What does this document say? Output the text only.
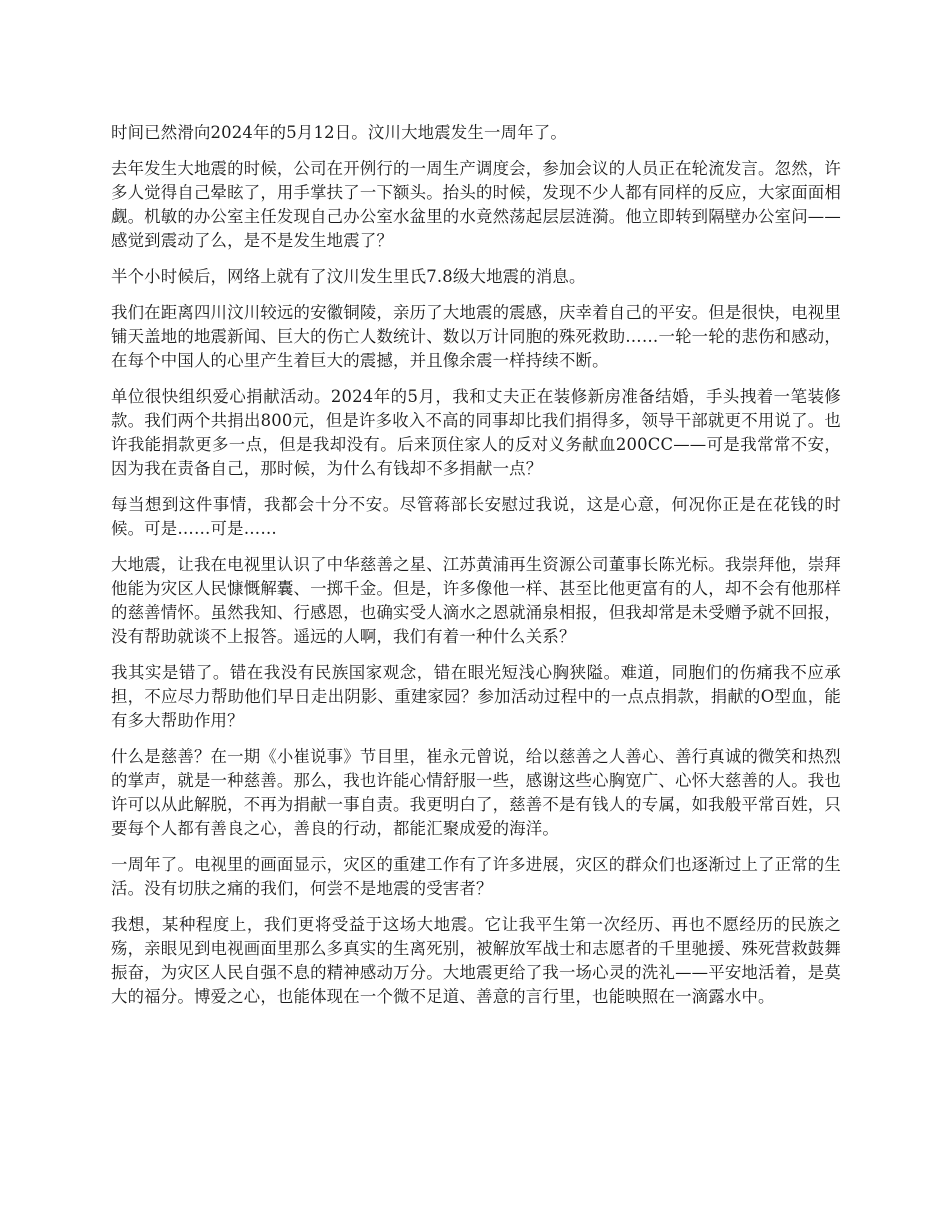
时间已然滑向2024年的5月12日。汶川大地震发生一周年了。

去年发生大地震的时候，公司在开例行的一周生产调度会，参加会议的人员正在轮流发言。忽然，许多人觉得自己晕眩了，用手掌扶了一下额头。抬头的时候，发现不少人都有同样的反应，大家面面相觑。机敏的办公室主任发现自己办公室水盆里的水竟然荡起层层涟漪。他立即转到隔壁办公室问——感觉到震动了么，是不是发生地震了？

半个小时候后，网络上就有了汶川发生里氏7.8级大地震的消息。

我们在距离四川汶川较远的安徽铜陵，亲历了大地震的震感，庆幸着自己的平安。但是很快，电视里铺天盖地的地震新闻、巨大的伤亡人数统计、数以万计同胞的殊死救助……一轮一轮的悲伤和感动，在每个中国人的心里产生着巨大的震撼，并且像余震一样持续不断。

单位很快组织爱心捐献活动。2024年的5月，我和丈夫正在装修新房准备结婚，手头拽着一笔装修款。我们两个共捐出800元，但是许多收入不高的同事却比我们捐得多，领导干部就更不用说了。也许我能捐款更多一点，但是我却没有。后来顶住家人的反对义务献血200CC——可是我常常不安，因为我在责备自己，那时候，为什么有钱却不多捐献一点？

每当想到这件事情，我都会十分不安。尽管蒋部长安慰过我说，这是心意，何况你正是在花钱的时候。可是……可是……

大地震，让我在电视里认识了中华慈善之星、江苏黄浦再生资源公司董事长陈光标。我崇拜他，崇拜他能为灾区人民慷慨解囊、一掷千金。但是，许多像他一样、甚至比他更富有的人，却不会有他那样的慈善情怀。虽然我知、行感恩，也确实受人滴水之恩就涌泉相报，但我却常是未受赠予就不回报，没有帮助就谈不上报答。遥远的人啊，我们有着一种什么关系？

我其实是错了。错在我没有民族国家观念，错在眼光短浅心胸狭隘。难道，同胞们的伤痛我不应承担，不应尽力帮助他们早日走出阴影、重建家园？参加活动过程中的一点点捐款，捐献的O型血，能有多大帮助作用？

什么是慈善？在一期《小崔说事》节目里，崔永元曾说，给以慈善之人善心、善行真诚的微笑和热烈的掌声，就是一种慈善。那么，我也许能心情舒服一些，感谢这些心胸宽广、心怀大慈善的人。我也许可以从此解脱，不再为捐献一事自责。我更明白了，慈善不是有钱人的专属，如我般平常百姓，只要每个人都有善良之心，善良的行动，都能汇聚成爱的海洋。

一周年了。电视里的画面显示，灾区的重建工作有了许多进展，灾区的群众们也逐渐过上了正常的生活。没有切肤之痛的我们，何尝不是地震的受害者？

我想，某种程度上，我们更将受益于这场大地震。它让我平生第一次经历、再也不愿经历的民族之殇，亲眼见到电视画面里那么多真实的生离死别，被解放军战士和志愿者的千里驰援、殊死营救鼓舞振奋，为灾区人民自强不息的精神感动万分。大地震更给了我一场心灵的洗礼——平安地活着，是莫大的福分。博爱之心，也能体现在一个微不足道、善意的言行里，也能映照在一滴露水中。
